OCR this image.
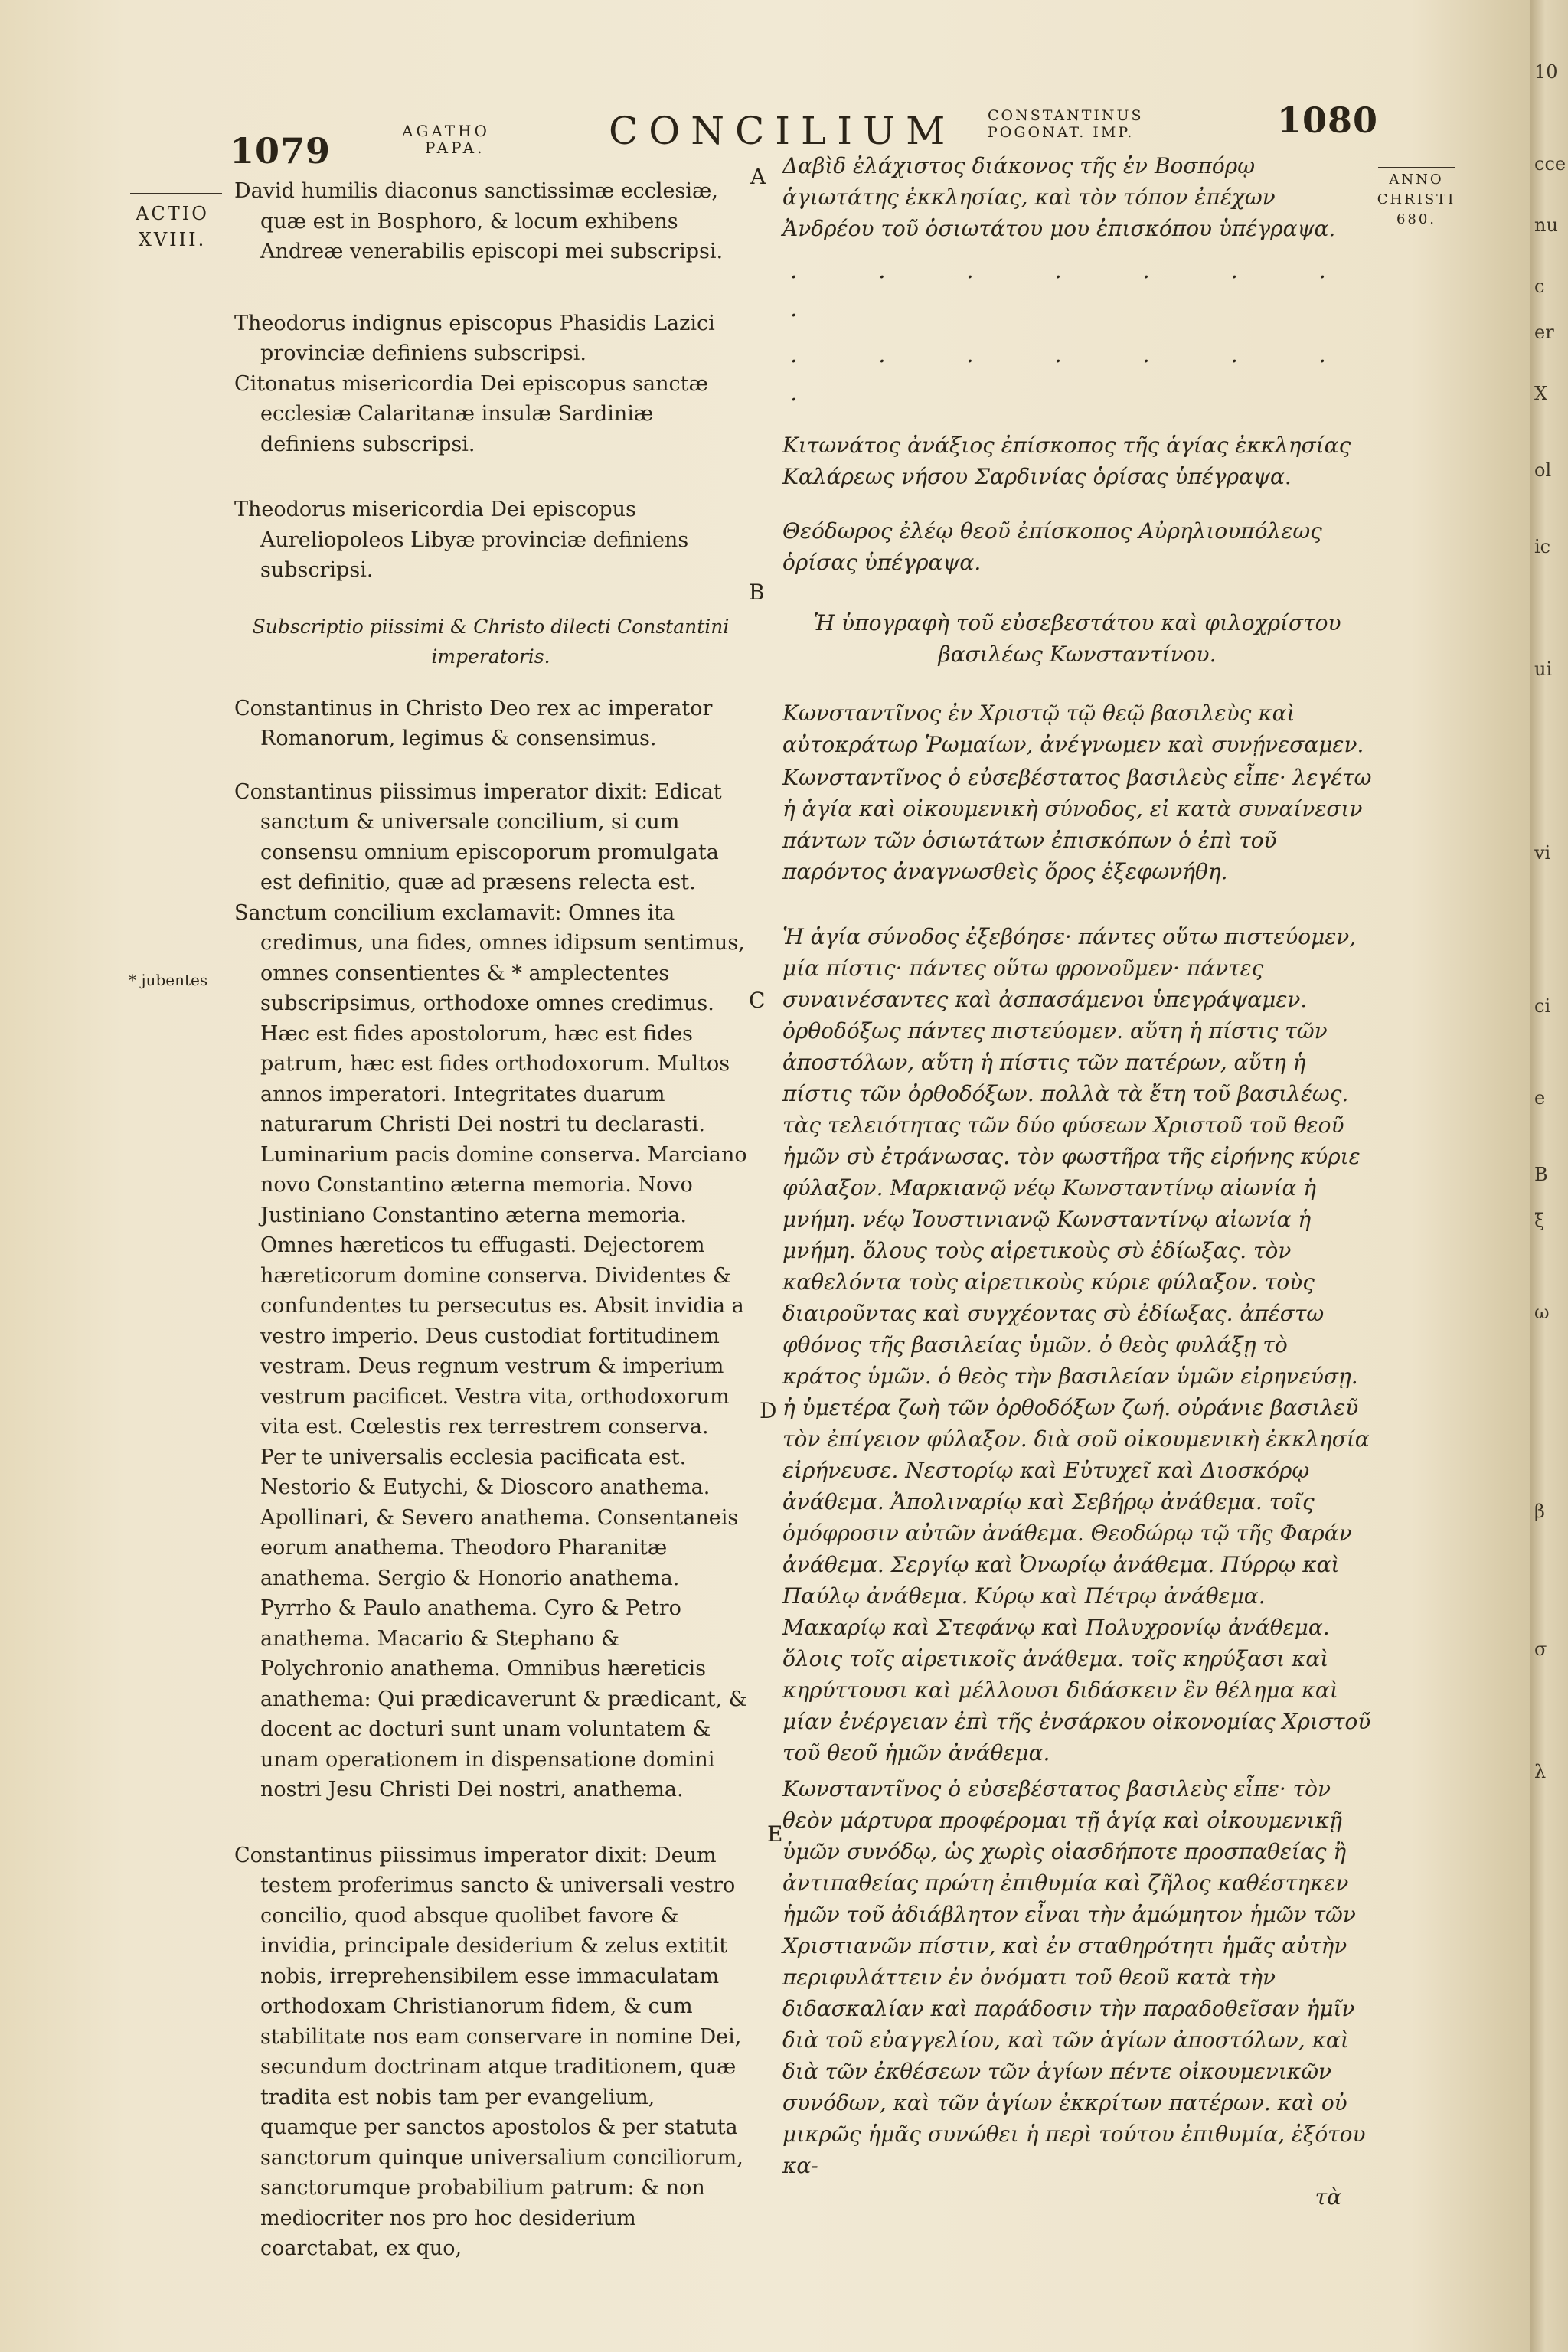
1079	AGATHO
PAPA.	CONCILIUM CONSTANTINUS
POGONAT. IMP.	1080
ACTIO
XVIII.
ANNO
CHRISTI
680.
* jubentes
A
B
C
D
E

David humilis diaconus sanctissimæ ecclesiæ, quæ est in Bosphoro, & locum exhibens Andreæ venerabilis episcopi mei subscripsi.

Theodorus indignus episcopus Phasidis Lazici provinciæ definiens subscripsi.

Citonatus misericordia Dei episcopus sanctæ ecclesiæ Calaritanæ insulæ Sardiniæ definiens subscripsi.

Theodorus misericordia Dei episcopus Aureliopoleos Libyæ provinciæ definiens subscripsi.

Subscriptio piissimi & Christo dilecti Constantini imperatoris.

Constantinus in Christo Deo rex ac imperator Romanorum, legimus & consensimus.

Constantinus piissimus imperator dixit: Edicat sanctum & universale concilium, si cum consensu omnium episcoporum promulgata est definitio, quæ ad præsens relecta est.

Sanctum concilium exclamavit: Omnes ita credimus, una fides, omnes idipsum sentimus, omnes consentientes & * amplectentes subscripsimus, orthodoxe omnes credimus. Hæc est fides apostolorum, hæc est fides patrum, hæc est fides orthodoxorum. Multos annos imperatori. Integritates duarum naturarum Christi Dei nostri tu declarasti. Luminarium pacis domine conserva. Marciano novo Constantino æterna memoria. Novo Justiniano Constantino æterna memoria. Omnes hæreticos tu effugasti. Dejectorem hæreticorum domine conserva. Dividentes & confundentes tu persecutus es. Absit invidia a vestro imperio. Deus custodiat fortitudinem vestram. Deus regnum vestrum & imperium vestrum pacificet. Vestra vita, orthodoxorum vita est. Cœlestis rex terrestrem conserva. Per te universalis ecclesia pacificata est. Nestorio & Eutychi, & Dioscoro anathema. Apollinari, & Severo anathema. Consentaneis eorum anathema. Theodoro Pharanitæ anathema. Sergio & Honorio anathema. Pyrrho & Paulo anathema. Cyro & Petro anathema. Macario & Stephano & Polychronio anathema. Omnibus hæreticis anathema: Qui prædicaverunt & prædicant, & docent ac docturi sunt unam voluntatem & unam operationem in dispensatione domini nostri Jesu Christi Dei nostri, anathema.

Constantinus piissimus imperator dixit: Deum testem proferimus sancto & universali vestro concilio, quod absque quolibet favore & invidia, principale desiderium & zelus extitit nobis, irreprehensibilem esse immaculatam orthodoxam Christianorum fidem, & cum stabilitate nos eam conservare in nomine Dei, secundum doctrinam atque traditionem, quæ tradita est nobis tam per evangelium, quamque per sanctos apostolos & per statuta sanctorum quinque universalium conciliorum, sanctorumque probabilium patrum: & non mediocriter nos pro hoc desiderium coarctabat, ex quo,

Δαβὶδ ἐλάχιστος διάκονος τῆς ἐν Βοσπόρῳ ἁγιωτάτης ἐκκλησίας, καὶ τὸν τόπον ἐπέχων Ἀνδρέου τοῦ ὁσιωτάτου μου ἐπισκόπου ὑπέγραψα.

. . . . . . . .
. . . . . . . .

Κιτωνάτος ἀνάξιος ἐπίσκοπος τῆς ἁγίας ἐκκλησίας Καλάρεως νήσου Σαρδινίας ὁρίσας ὑπέγραψα.

Θεόδωρος ἐλέῳ θεοῦ ἐπίσκοπος Αὐρηλιουπόλεως ὁρίσας ὑπέγραψα.

Ἡ ὑπογραφὴ τοῦ εὐσεβεστάτου καὶ φιλοχρίστου βασιλέως Κωνσταντίνου.

Κωνσταντῖνος ἐν Χριστῷ τῷ θεῷ βασιλεὺς καὶ αὐτοκράτωρ Ῥωμαίων, ἀνέγνωμεν καὶ συνῄνεσαμεν.

Κωνσταντῖνος ὁ εὐσεβέστατος βασιλεὺς εἶπε· λεγέτω ἡ ἁγία καὶ οἰκουμενικὴ σύνοδος, εἰ κατὰ συναίνεσιν πάντων τῶν ὁσιωτάτων ἐπισκόπων ὁ ἐπὶ τοῦ παρόντος ἀναγνωσθεὶς ὅρος ἐξεφωνήθη.

Ἡ ἁγία σύνοδος ἐξεβόησε· πάντες οὕτω πιστεύομεν, μία πίστις· πάντες οὕτω φρονοῦμεν· πάντες συναινέσαντες καὶ ἀσπασάμενοι ὑπεγράψαμεν. ὀρθοδόξως πάντες πιστεύομεν. αὕτη ἡ πίστις τῶν ἀποστόλων, αὕτη ἡ πίστις τῶν πατέρων, αὕτη ἡ πίστις τῶν ὀρθοδόξων. πολλὰ τὰ ἔτη τοῦ βασιλέως. τὰς τελειότητας τῶν δύο φύσεων Χριστοῦ τοῦ θεοῦ ἡμῶν σὺ ἐτράνωσας. τὸν φωστῆρα τῆς εἰρήνης κύριε φύλαξον. Μαρκιανῷ νέῳ Κωνσταντίνῳ αἰωνία ἡ μνήμη. νέῳ Ἰουστινιανῷ Κωνσταντίνῳ αἰωνία ἡ μνήμη. ὅλους τοὺς αἱρετικοὺς σὺ ἐδίωξας. τὸν καθελόντα τοὺς αἱρετικοὺς κύριε φύλαξον. τοὺς διαιροῦντας καὶ συγχέοντας σὺ ἐδίωξας. ἀπέστω φθόνος τῆς βασιλείας ὑμῶν. ὁ θεὸς φυλάξῃ τὸ κράτος ὑμῶν. ὁ θεὸς τὴν βασιλείαν ὑμῶν εἰρηνεύσῃ. ἡ ὑμετέρα ζωὴ τῶν ὀρθοδόξων ζωή. οὐράνιε βασιλεῦ τὸν ἐπίγειον φύλαξον. διὰ σοῦ οἰκουμενικὴ ἐκκλησία εἰρήνευσε. Νεστορίῳ καὶ Εὐτυχεῖ καὶ Διοσκόρῳ ἀνάθεμα. Ἀπολιναρίῳ καὶ Σεβήρῳ ἀνάθεμα. τοῖς ὁμόφροσιν αὐτῶν ἀνάθεμα. Θεοδώρῳ τῷ τῆς Φαράν ἀνάθεμα. Σεργίῳ καὶ Ὀνωρίῳ ἀνάθεμα. Πύρρῳ καὶ Παύλῳ ἀνάθεμα. Κύρῳ καὶ Πέτρῳ ἀνάθεμα. Μακαρίῳ καὶ Στεφάνῳ καὶ Πολυχρονίῳ ἀνάθεμα. ὅλοις τοῖς αἱρετικοῖς ἀνάθεμα. τοῖς κηρύξασι καὶ κηρύττουσι καὶ μέλλουσι διδάσκειν ἓν θέλημα καὶ μίαν ἐνέργειαν ἐπὶ τῆς ἐνσάρκου οἰκονομίας Χριστοῦ τοῦ θεοῦ ἡμῶν ἀνάθεμα.

Κωνσταντῖνος ὁ εὐσεβέστατος βασιλεὺς εἶπε· τὸν θεὸν μάρτυρα προφέρομαι τῇ ἁγίᾳ καὶ οἰκουμενικῇ ὑμῶν συνόδῳ, ὡς χωρὶς οἱασδήποτε προσπαθείας ἢ ἀντιπαθείας πρώτη ἐπιθυμία καὶ ζῆλος καθέστηκεν ἡμῶν τοῦ ἀδιάβλητον εἶναι τὴν ἀμώμητον ἡμῶν τῶν Χριστιανῶν πίστιν, καὶ ἐν σταθηρότητι ἡμᾶς αὐτὴν περιφυλάττειν ἐν ὀνόματι τοῦ θεοῦ κατὰ τὴν διδασκαλίαν καὶ παράδοσιν τὴν παραδοθεῖσαν ἡμῖν διὰ τοῦ εὐαγγελίου, καὶ τῶν ἁγίων ἀποστόλων, καὶ διὰ τῶν ἐκθέσεων τῶν ἁγίων πέντε οἰκουμενικῶν συνόδων, καὶ τῶν ἁγίων ἐκκρίτων πατέρων. καὶ οὐ μικρῶς ἡμᾶς συνώθει ἡ περὶ τούτου ἐπιθυμία, ἐξότου κα-

τὰ
10
cce
nu
c
er
X
ol
ic
ui
vi
ci
e
B
ξ
ω
β
σ
λ
